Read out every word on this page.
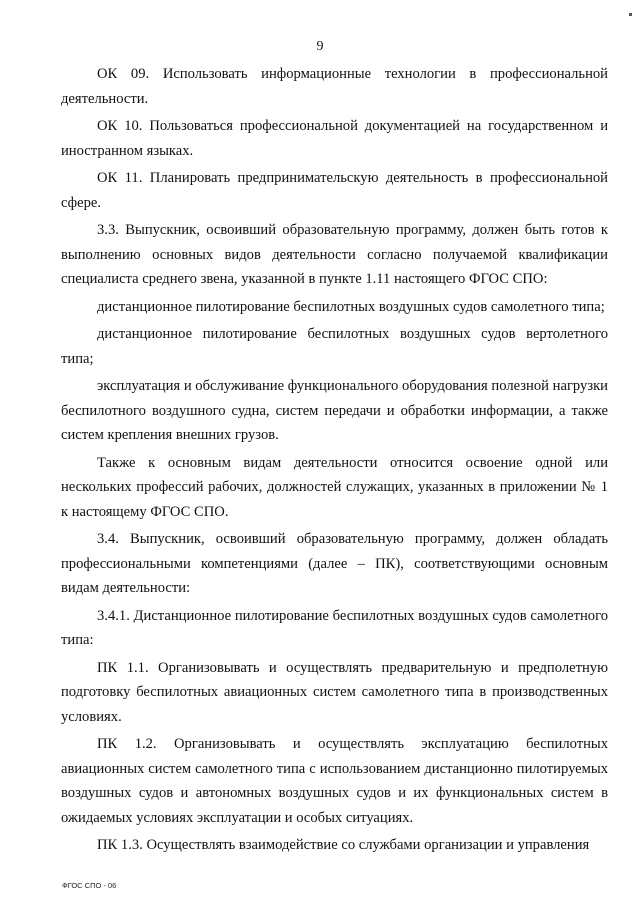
9

ОК 09. Использовать информационные технологии в профессиональной деятельности.

ОК 10. Пользоваться профессиональной документацией на государственном и иностранном языках.

ОК 11. Планировать предпринимательскую деятельность в профессиональной сфере.

3.3. Выпускник, освоивший образовательную программу, должен быть готов к выполнению основных видов деятельности согласно получаемой квалификации специалиста среднего звена, указанной в пункте 1.11 настоящего ФГОС СПО:

дистанционное пилотирование беспилотных воздушных судов самолетного типа;

дистанционное пилотирование беспилотных воздушных судов вертолетного типа;

эксплуатация и обслуживание функционального оборудования полезной нагрузки беспилотного воздушного судна, систем передачи и обработки информации, а также систем крепления внешних грузов.

Также к основным видам деятельности относится освоение одной или нескольких профессий рабочих, должностей служащих, указанных в приложении № 1 к настоящему ФГОС СПО.

3.4. Выпускник, освоивший образовательную программу, должен обладать профессиональными компетенциями (далее – ПК), соответствующими основным видам деятельности:

3.4.1. Дистанционное пилотирование беспилотных воздушных судов самолетного типа:

ПК 1.1. Организовывать и осуществлять предварительную и предполетную подготовку беспилотных авиационных систем самолетного типа в производственных условиях.

ПК 1.2. Организовывать и осуществлять эксплуатацию беспилотных авиационных систем самолетного типа с использованием дистанционно пилотируемых воздушных судов и автономных воздушных судов и их функциональных систем в ожидаемых условиях эксплуатации и особых ситуациях.

ПК 1.3. Осуществлять взаимодействие со службами организации и управления

ФГОС СПО - 06
